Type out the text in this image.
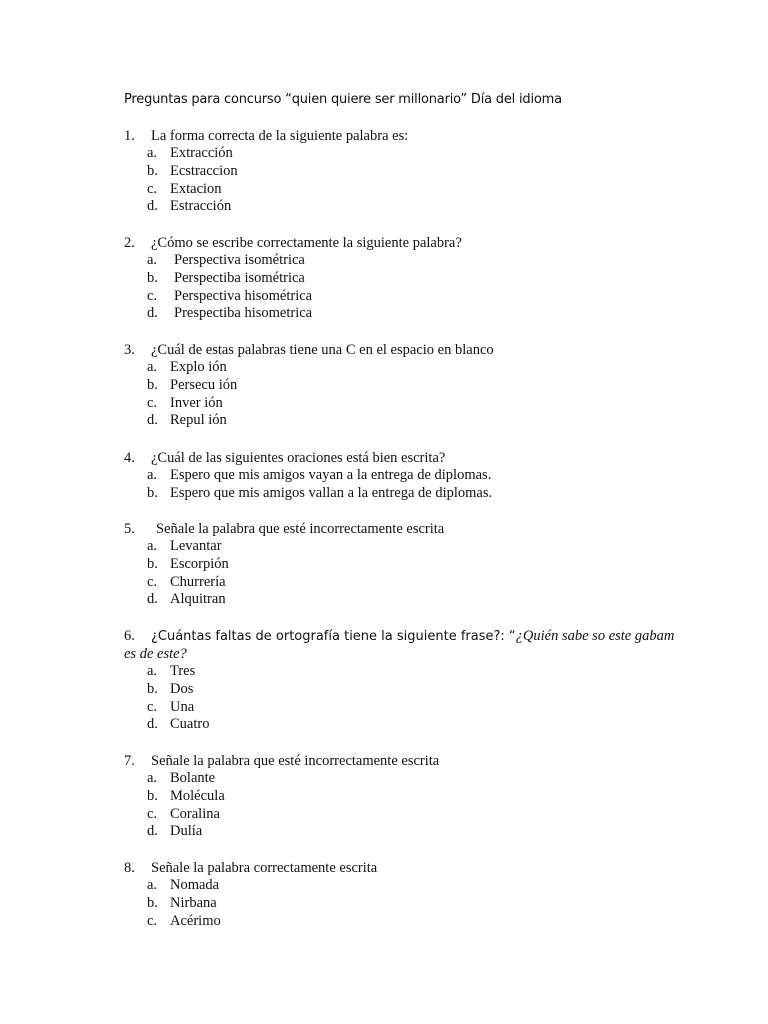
Preguntas para concurso “quien quiere ser millonario” Día del idioma
1. La forma correcta de la siguiente palabra es:
a. Extracción
b. Ecstraccion
c. Extacion
d. Estracción
2. ¿Cómo se escribe correctamente la siguiente palabra?
a. Perspectiva isométrica
b. Perspectiba isométrica
c. Perspectiva hisométrica
d. Prespectiba hisometrica
3. ¿Cuál de estas palabras tiene una C en el espacio en blanco
a. Explo ión
b. Persecu ión
c. Inver ión
d. Repul ión
4. ¿Cuál de las siguientes oraciones está bien escrita?
a. Espero que mis amigos vayan a la entrega de diplomas.
b. Espero que mis amigos vallan a la entrega de diplomas.
5. Señale la palabra que esté incorrectamente escrita
a. Levantar
b. Escorpión
c. Churrería
d. Alquitran
6. ¿Cuántas faltas de ortografía tiene la siguiente frase?: “¿Quién sabe so este gabam
es de este?
a. Tres
b. Dos
c. Una
d. Cuatro
7. Señale la palabra que esté incorrectamente escrita
a. Bolante
b. Molécula
c. Coralina
d. Dulía
8. Señale la palabra correctamente escrita
a. Nomada
b. Nirbana
c. Acérimo
